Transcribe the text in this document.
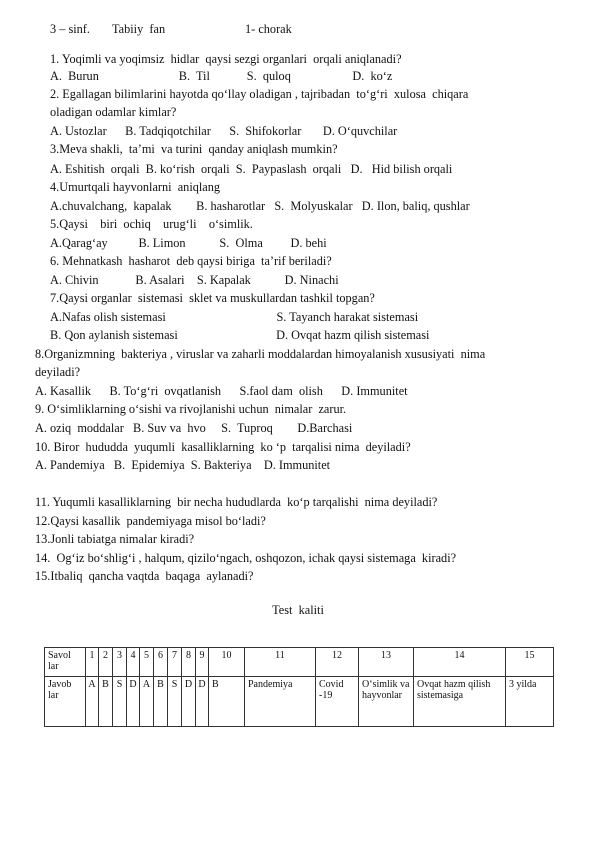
3 – sinf. Tabiiy  fan	1- chorak
1. Yoqimli va yoqimsiz  hidlar  qaysi sezgi organlari  orqali aniqlanadi?
A.  Burun                          B.  Til            S.  quloq                    D.  ko‘z
2. Egallagan bilimlarini hayotda qo‘llay oladigan , tajribadan  to‘g‘ri  xulosa  chiqara
oladigan odamlar kimlar?
A. Ustozlar      B. Tadqiqotchilar      S.  Shifokorlar       D. O‘quvchilar
3.Meva shakli,  ta’mi  va turini  qanday aniqlash mumkin?
A. Eshitish  orqali  B. ko‘rish  orqali  S.  Paypaslash  orqali   D.   Hid bilish orqali
4.Umurtqali hayvonlarni  aniqlang
A.chuvalchang,  kapalak        B. hasharotlar   S.  Molyuskalar   D. Ilon, baliq, qushlar
5.Qaysi    biri  ochiq    urug‘li    o‘simlik.
A.Qarag‘ay          B. Limon           S.  Olma         D. behi
6. Mehnatkash  hasharot  deb qaysi biriga  ta’rif beriladi?
A. Chivin            B. Asalari    S. Kapalak           D. Ninachi
7.Qaysi organlar  sistemasi  sklet va muskullardan tashkil topgan?
A.Nafas olish sistemasi                                    S. Tayanch harakat sistemasi
B. Qon aylanish sistemasi                                D. Ovqat hazm qilish sistemasi
8.Organizmning  bakteriya , viruslar va zaharli moddalardan himoyalanish xususiyati  nima
deyiladi?
A. Kasallik      B. To‘g‘ri  ovqatlanish      S.faol dam  olish      D. Immunitet
9. O‘simliklarning o‘sishi va rivojlanishi uchun  nimalar  zarur.
A. oziq  moddalar   B. Suv va  hvo     S.  Tuproq        D.Barchasi
10. Biror  hududda  yuqumli  kasalliklarning  ko ‘p  tarqalisi nima  deyiladi?
A. Pandemiya   B.  Epidemiya  S. Bakteriya    D. Immunitet
11. Yuqumli kasalliklarning  bir necha hududlarda  ko‘p tarqalishi  nima deyiladi?
12.Qaysi kasallik  pandemiyaga misol bo‘ladi?
13.Jonli tabiatga nimalar kiradi?
14.  Og‘iz bo‘shlig‘i , halqum, qizilo‘ngach, oshqozon, ichak qaysi sistemaga  kiradi?
15.Itbaliq  qancha vaqtda  baqaga  aylanadi?
Test  kaliti
Savol lar	1	2	3	4	5	6	7	8	9	10	11	12	13	14	15
Javob lar	A	B	S	D	A	B	S	D	D	B	Pandemiya	Covid -19	O‘simlik va hayvonlar	Ovqat hazm qilish sistemasiga	3 yilda
